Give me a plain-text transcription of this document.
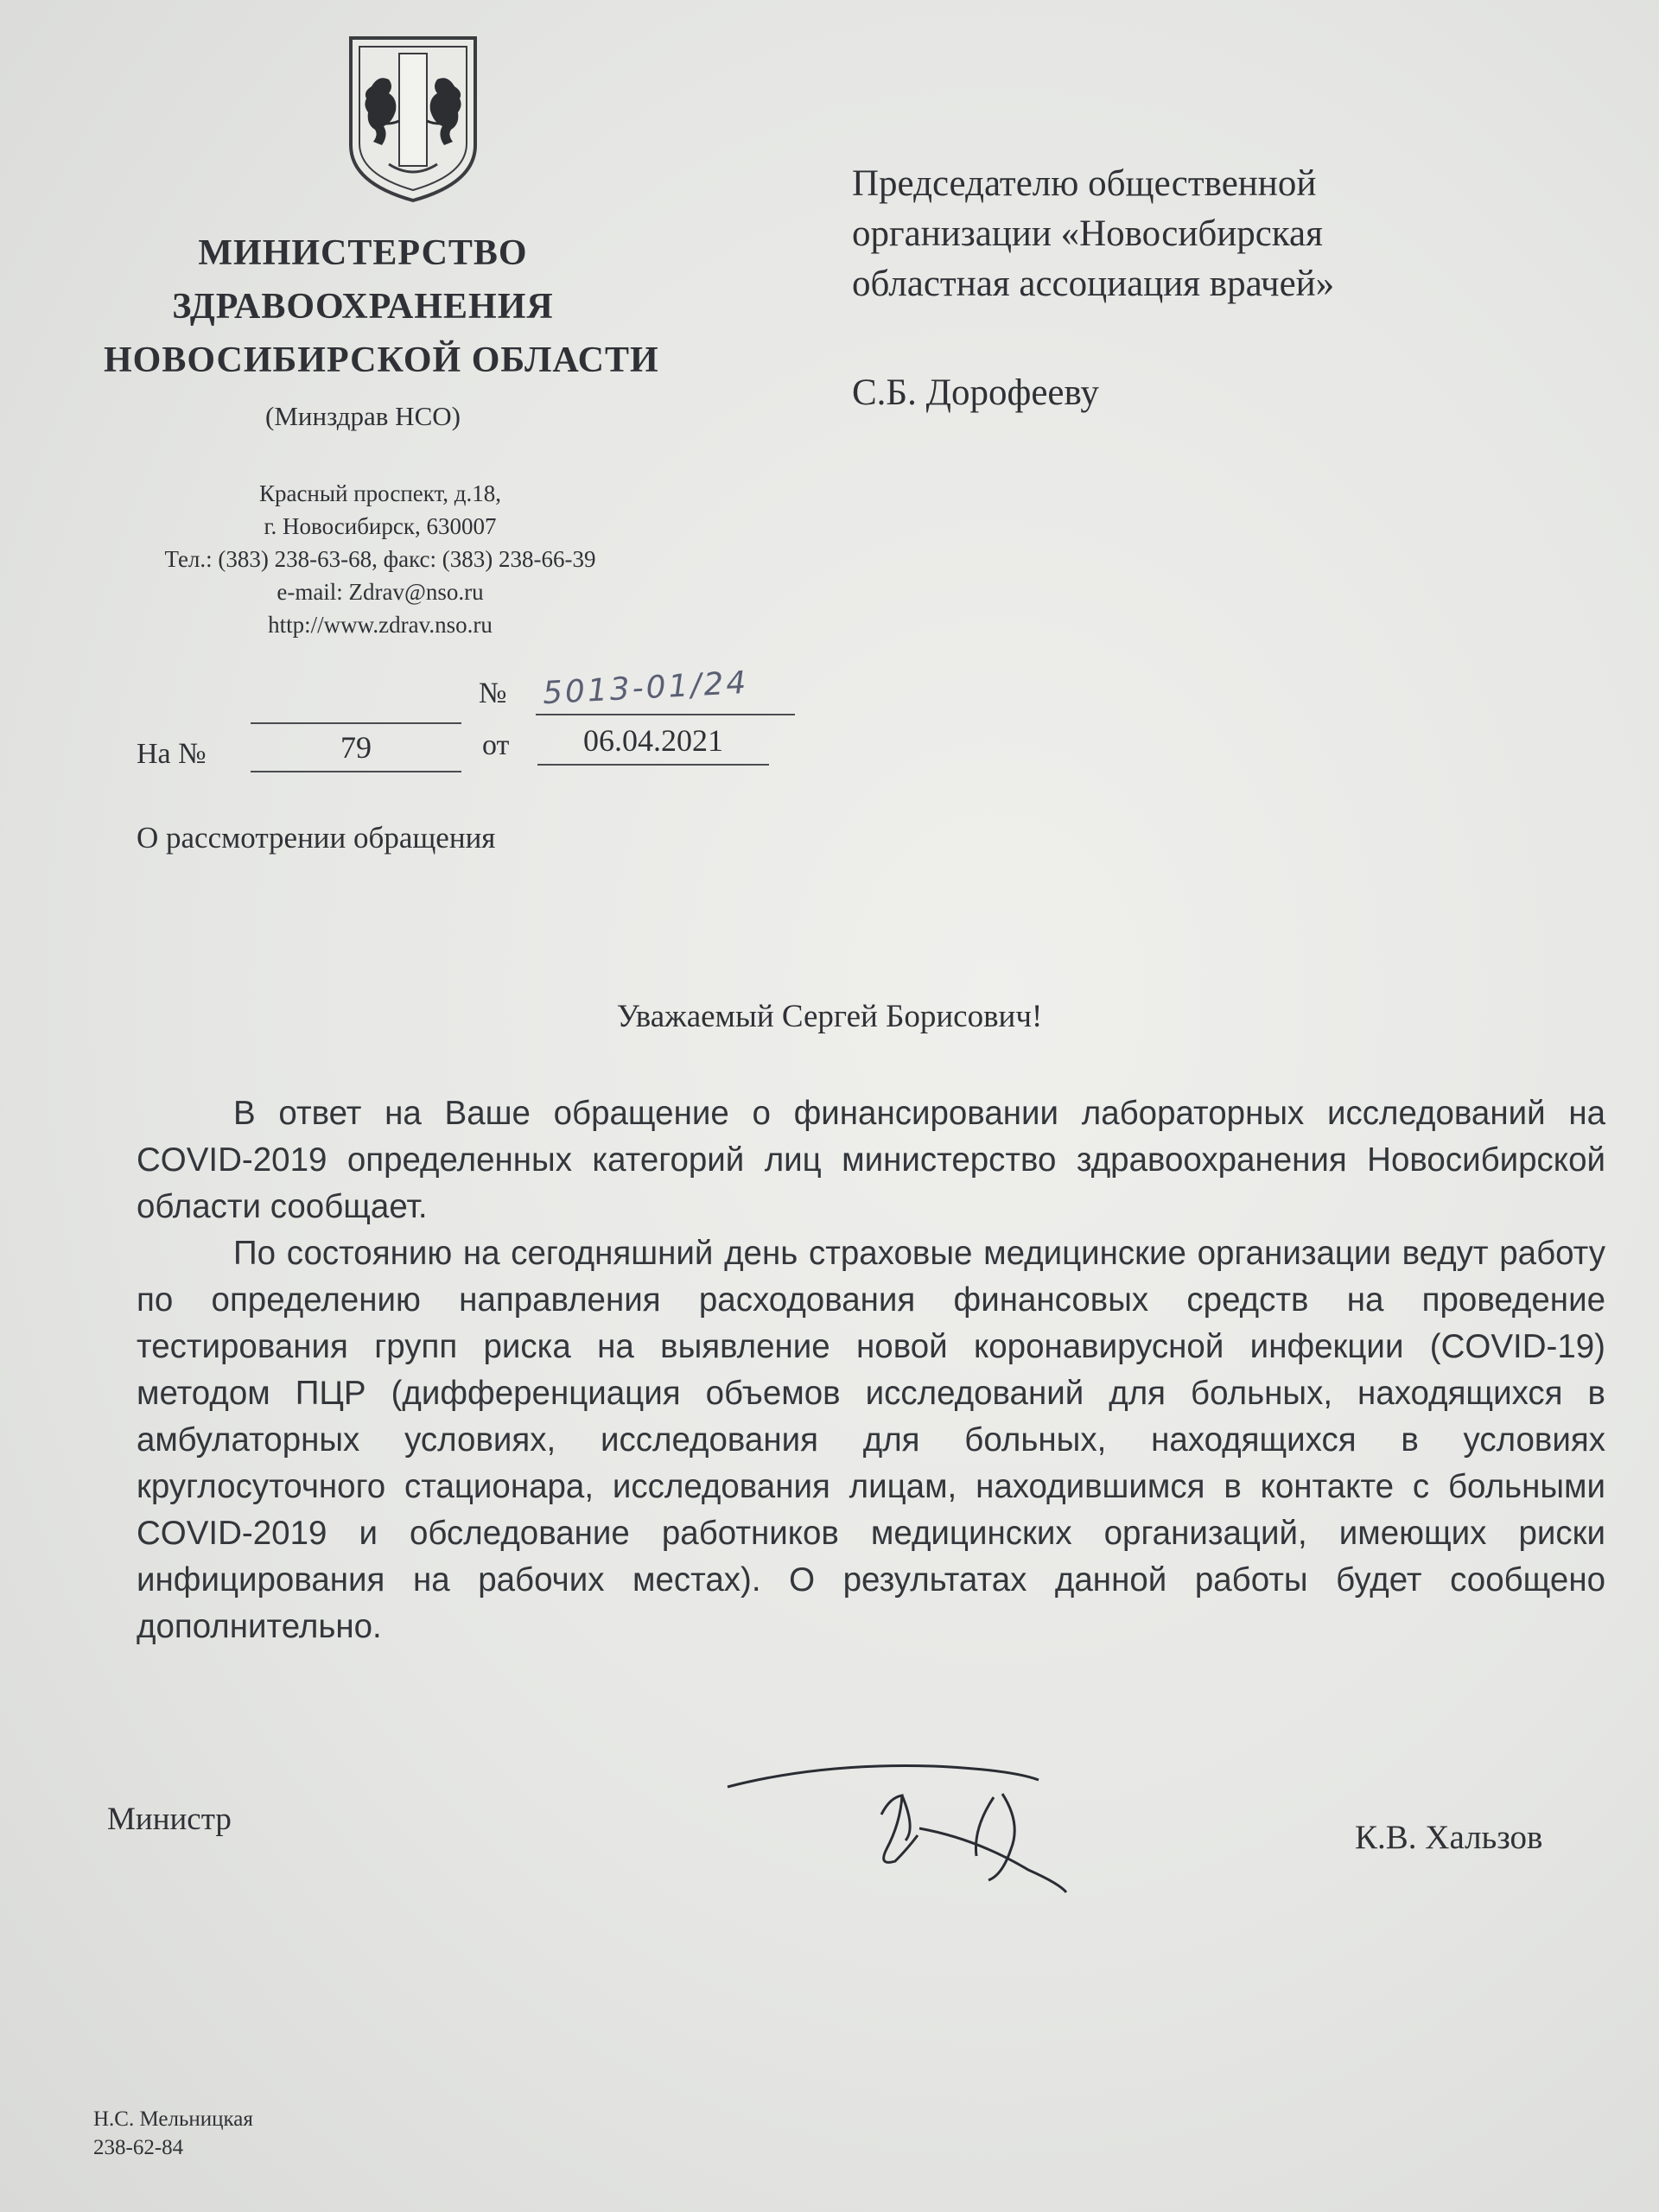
МИНИСТЕРСТВО
ЗДРАВООХРАНЕНИЯ
НОВОСИБИРСКОЙ ОБЛАСТИ
(Минздрав НСО)
Красный проспект, д.18,
г. Новосибирск, 630007
Тел.: (383) 238-63-68, факс: (383) 238-66-39
e-mail: Zdrav@nso.ru
http://www.zdrav.nso.ru
№ 5013-01/24
На №	79	от	06.04.2021
Председателю общественной
организации «Новосибирская
областная ассоциация врачей»
С.Б. Дорофееву
О рассмотрении обращения
Уважаемый Сергей Борисович!

В ответ на Ваше обращение о финансировании лабораторных исследований на COVID-2019 определенных категорий лиц министерство здравоохранения Новосибирской области сообщает.

По состоянию на сегодняшний день страховые медицинские организации ведут работу по определению направления расходования финансовых средств на проведение тестирования групп риска на выявление новой коронавирусной инфекции (COVID-19) методом ПЦР (дифференциация объемов исследований для больных, находящихся в амбулаторных условиях, исследования для больных, находящихся в условиях круглосуточного стационара, исследования лицам, находившимся в контакте с больными COVID-2019 и обследование работников медицинских организаций, имеющих риски инфицирования на рабочих местах). О результатах данной работы будет сообщено дополнительно.

Министр	К.В. Хальзов
Н.С. Мельницкая
238-62-84
